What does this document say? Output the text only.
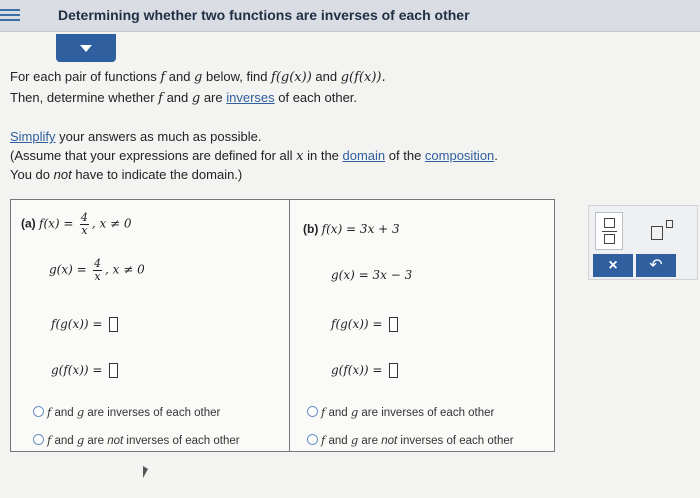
Determining whether two functions are inverses of each other
For each pair of functions f and g below, find f(g(x)) and g(f(x)).
Then, determine whether f and g are inverses of each other.
Simplify your answers as much as possible.
(Assume that your expressions are defined for all x in the domain of the composition.
You do not have to indicate the domain.)
(a) $f(x) = \frac{4}{x}$ , x ≠ 0
$g(x) = \frac{4}{x}$ , x ≠ 0
f(g(x)) =
g(f(x)) =
f and g are inverses of each other
f and g are not inverses of each other
(b) f(x) = 3x + 3
g(x) = 3x − 3
f(g(x)) =
g(f(x)) =
f and g are inverses of each other
f and g are not inverses of each other
×	↶
